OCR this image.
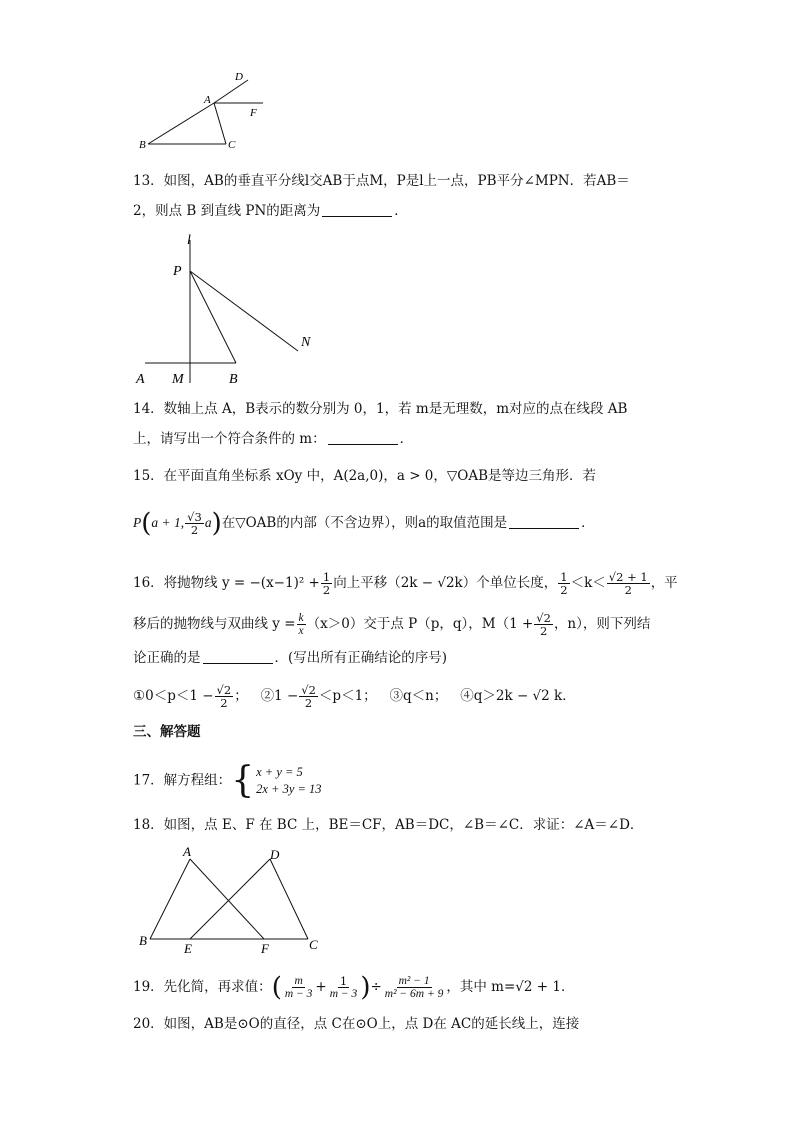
D
A
F
B	C
13．如图，AB的垂直平分线l交AB于点M，P是l上一点，PB平分∠MPN．若AB＝
2，则点 B 到直线 PN的距离为	．
l
P
N
A M	B
14．数轴上点 A，B表示的数分别为 0，1，若 m是无理数，m对应的点在线段 AB
上，请写出一个符合条件的 m：	．
15．在平面直角坐标系 xOy 中，A(2a,0)，a > 0，▽OAB是等边三角形．若
P(a + 1, $\frac{√3}{2} a$)在▽OAB的内部（不含边界），则a的取值范围是	．
16．将抛物线 $y = -(x-1)^2 + \frac{1}{2}$ 向上平移（2k − √2k）个单位长度， $\frac{1}{2} <k< \frac{√2 + 1}{2}$ ，平
移后的抛物线与双曲线 $y = \frac{k}{x} (x>0)$交于点 P（p，q），$M(1 + \frac{√2}{2}$ ，n），则下列结
论正确的是	．(写出所有正确结论的序号)
①0＜p＜1 − $\frac{√2}{2}$ ； ②1 − $\frac{√2}{2} <p<1$； ③q＜n； ④q＞2k − √2 k．
三、解答题
17．解方程组： { x + y = 5
2x + 3y = 13
18．如图，点 E、F 在 BC 上，BE＝CF，AB＝DC，∠B＝∠C．求证：∠A＝∠D．
A	D
B
E	F	C
19．先化简，再求值：( $\frac{m}{m - 3} + \frac{1}{m - 3}$ )÷ $\frac{\text{m² − 1}}{\text{m² − 6m + 9}}$ ，其中 m=√2 + 1．
20．如图，AB是⊙O的直径，点 C在⊙O上，点 D在 AC的延长线上，连接
